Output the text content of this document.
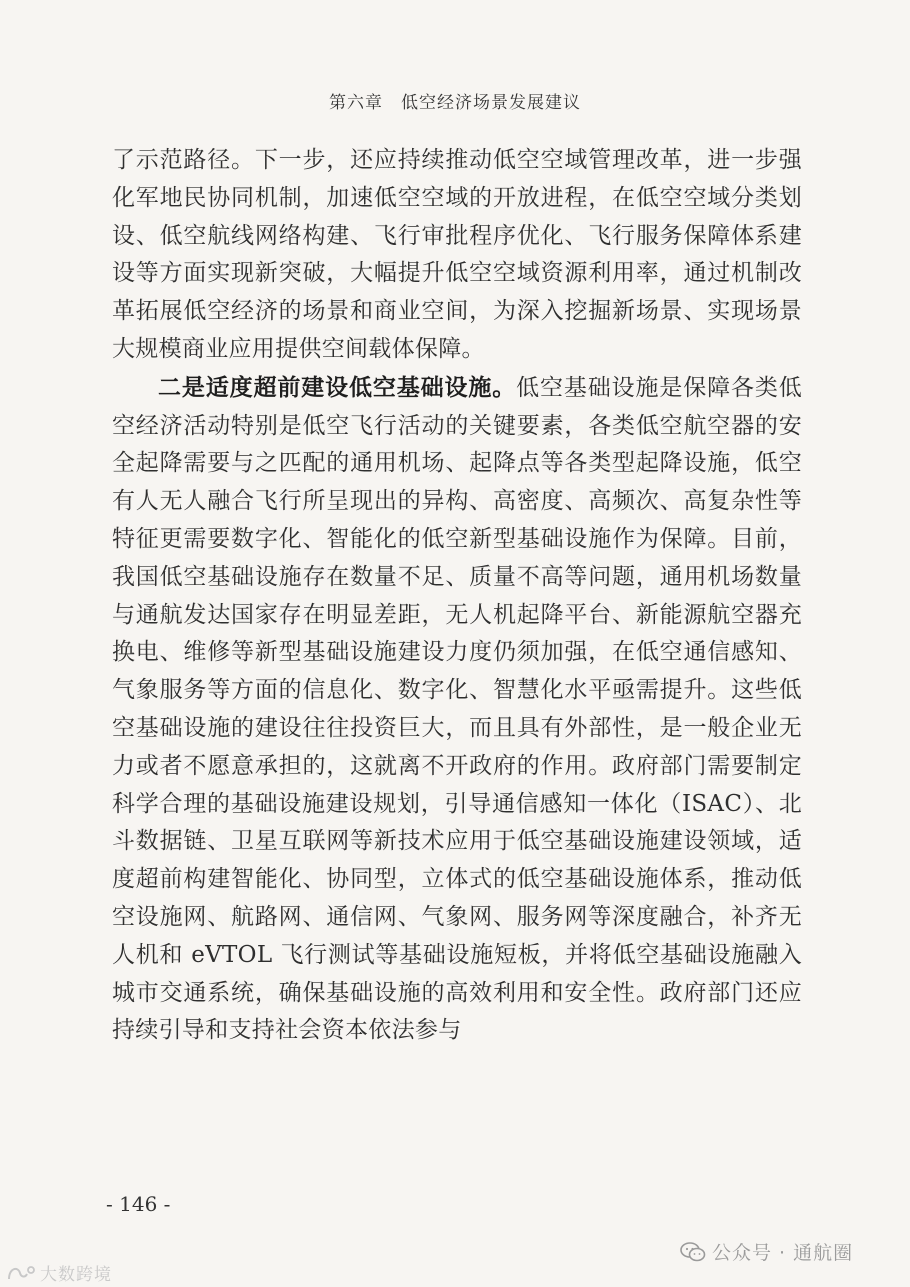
第六章　低空经济场景发展建议

了示范路径。下一步，还应持续推动低空空域管理改革，进一步强化军地民协同机制，加速低空空域的开放进程，在低空空域分类划设、低空航线网络构建、飞行审批程序优化、飞行服务保障体系建设等方面实现新突破，大幅提升低空空域资源利用率，通过机制改革拓展低空经济的场景和商业空间，为深入挖掘新场景、实现场景大规模商业应用提供空间载体保障。

二是适度超前建设低空基础设施。低空基础设施是保障各类低空经济活动特别是低空飞行活动的关键要素，各类低空航空器的安全起降需要与之匹配的通用机场、起降点等各类型起降设施，低空有人无人融合飞行所呈现出的异构、高密度、高频次、高复杂性等特征更需要数字化、智能化的低空新型基础设施作为保障。目前，我国低空基础设施存在数量不足、质量不高等问题，通用机场数量与通航发达国家存在明显差距，无人机起降平台、新能源航空器充换电、维修等新型基础设施建设力度仍须加强，在低空通信感知、气象服务等方面的信息化、数字化、智慧化水平亟需提升。这些低空基础设施的建设往往投资巨大，而且具有外部性，是一般企业无力或者不愿意承担的，这就离不开政府的作用。政府部门需要制定科学合理的基础设施建设规划，引导通信感知一体化（ISAC）、北斗数据链、卫星互联网等新技术应用于低空基础设施建设领域，适度超前构建智能化、协同型，立体式的低空基础设施体系，推动低空设施网、航路网、通信网、气象网、服务网等深度融合，补齐无人机和 eVTOL 飞行测试等基础设施短板，并将低空基础设施融入城市交通系统，确保基础设施的高效利用和安全性。政府部门还应持续引导和支持社会资本依法参与

- 146 -
公众号 · 通航圈
大数跨境
